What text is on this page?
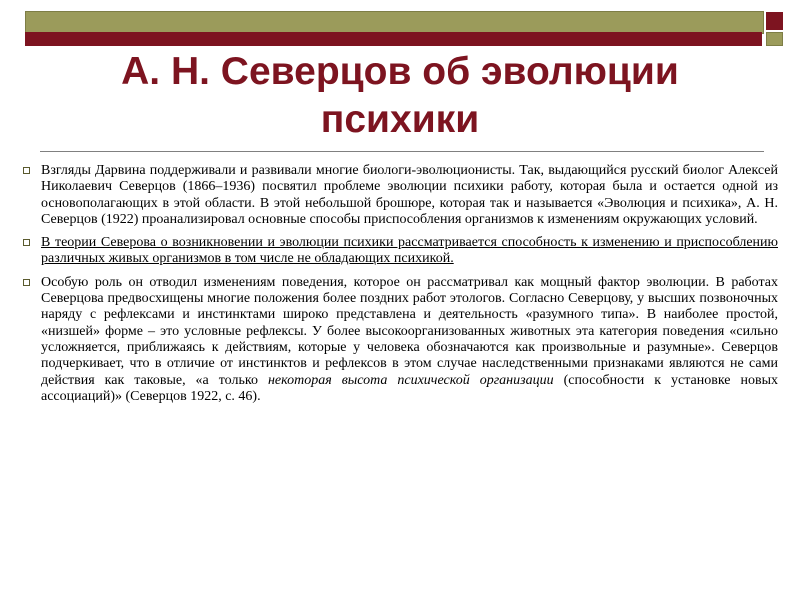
А. Н. Северцов об эволюции
психики
Взгляды Дарвина поддерживали и развивали многие биологи-эволюционисты. Так, выдающийся русский биолог Алексей Николаевич Северцов (1866–1936) посвятил проблеме эволюции психики работу, которая была и остается одной из основополагающих в этой области. В этой небольшой брошюре, которая так и называется «Эволюция и психика», А. Н. Северцов (1922) проанализировал основные способы приспособления организмов к изменениям окружающих условий.
В теории Северова о возникновении и эволюции психики рассматривается способность к изменению и приспособлению различных живых организмов в том числе не обладающих психикой.
Особую роль он отводил изменениям поведения, которое он рассматривал как мощный фактор эволюции. В работах Северцова предвосхищены многие положения более поздних работ этологов. Согласно Северцову, у высших позвоночных наряду с рефлексами и инстинктами широко представлена и деятельность «разумного типа». В наиболее простой, «низшей» форме – это условные рефлексы. У более высокоорганизованных животных эта категория поведения «сильно усложняется, приближаясь к действиям, которые у человека обозначаются как произвольные и разумные». Северцов подчеркивает, что в отличие от инстинктов и рефлексов в этом случае наследственными признаками являются не сами действия как таковые, «а только некоторая высота психической организации (способности к установке новых ассоциаций)» (Северцов 1922, с. 46).
